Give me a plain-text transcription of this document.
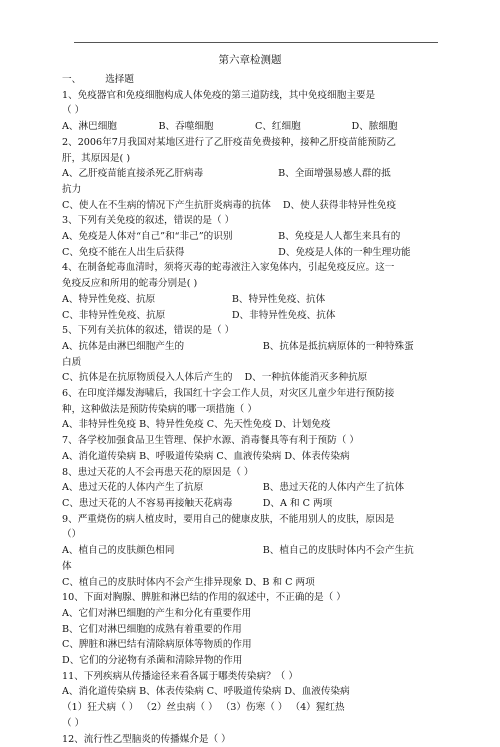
第六章检测题
一、	选择题
1、免疫器官和免疫细胞构成人体免疫的第三道防线，其中免疫细胞主要是
（ ）
A、淋巴细胞	B、吞噬细胞	C、红细胞	D、脓细胞
2、2006年7月我国对某地区进行了乙肝疫苗免费接种，接种乙肝疫苗能预防乙
肝，其原因是( )
A、乙肝疫苗能直接杀死乙肝病毒	B、全面增强易感人群的抵
抗力
C、使人在不生病的情况下产生抗肝炎病毒的抗体 D、使人获得非特异性免疫
3、下列有关免疫的叙述，错误的是（ ）
A、免疫是人体对“自己”和“非己”的识别	B、免疫是人人都生来具有的
C、免疫不能在人出生后获得	D、免疫是人体的一种生理功能
4、在制备蛇毒血清时，须将灭毒的蛇毒液注入家兔体内，引起免疫反应。这一
免疫反应和所用的蛇毒分别是( )
A、特异性免疫、抗原	B、特异性免疫、抗体
C、非特异性免疫、抗原	D、非特异性免疫、抗体
5、下列有关抗体的叙述，错误的是（ ）
A、抗体是由淋巴细胞产生的	B、抗体是抵抗病原体的一种特殊蛋
白质
C、抗体是在抗原物质侵入人体后产生的 D、一种抗体能消灭多种抗原
6、在印度洋爆发海啸后，我国红十字会工作人员，对灾区儿童少年进行预防接
种，这种做法是预防传染病的哪一项措施（ ）
A、非特异性免疫 B、特异性免疫 C、先天性免疫 D、计划免疫
7、各学校加强食品卫生管理、保护水源、消毒餐具等有利于预防（ ）
A、消化道传染病 B、呼吸道传染病 C、血液传染病 D、体表传染病
8、患过天花的人不会再患天花的原因是（ ）
A、患过天花的人体内产生了抗原	B、患过天花的人体内产生了抗体
C、患过天花的人不容易再接触天花病毒	D、A 和 C 两项
9、严重烧伤的病人植皮时，要用自己的健康皮肤，不能用别人的皮肤，原因是
（）
A、植自己的皮肤颜色相同	B、植自己的皮肤时体内不会产生抗
体
C、植自己的皮肤时体内不会产生排异现象 D、B 和 C 两项
10、下面对胸腺、脾脏和淋巴结的作用的叙述中，不正确的是（ ）
A、它们对淋巴细胞的产生和分化有重要作用
B、它们对淋巴细胞的成熟有着重要的作用
C、脾脏和淋巴结有清除病原体等物质的作用
D、它们的分泌物有杀菌和清除异物的作用
11、下列疾病从传播途径来看各属于哪类传染病？（ ）
A、消化道传染病 B、体表传染病 C、呼吸道传染病 D、血液传染病
（1）狂犬病（ ） （2）丝虫病（ ） （3）伤寒（ ） （4）猩红热
（ ）
12、流行性乙型脑炎的传播媒介是（ ）
